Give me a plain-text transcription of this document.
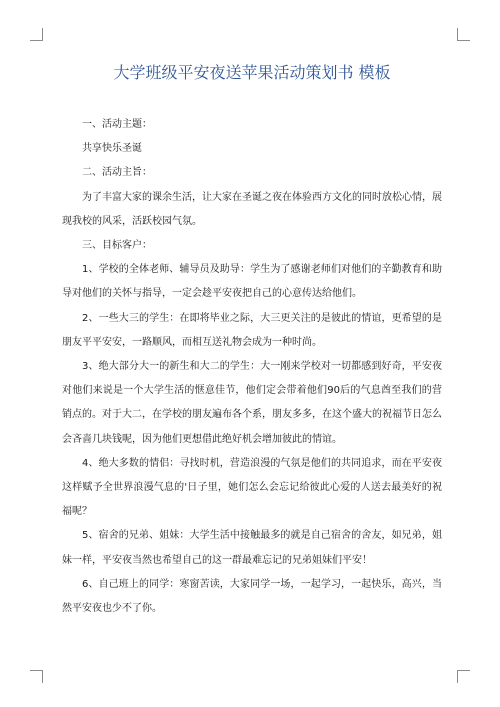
大学班级平安夜送苹果活动策划书 模板

一、活动主题：

共享快乐圣诞

二、活动主旨：

为了丰富大家的课余生活，让大家在圣诞之夜在体验西方文化的同时放松心情，展现我校的风采，活跃校园气氛。

三、目标客户：

1、学校的全体老师、辅导员及助导：学生为了感谢老师们对他们的辛勤教育和助导对他们的关怀与指导，一定会趁平安夜把自己的心意传达给他们。

2、一些大三的学生：在即将毕业之际，大三更关注的是彼此的情谊，更希望的是朋友平平安安，一路顺风，而相互送礼物会成为一种时尚。

3、绝大部分大一的新生和大二的学生：大一刚来学校对一切都感到好奇，平安夜对他们来说是一个大学生活的惬意佳节，他们定会带着他们90后的气息酋至我们的营销点的。对于大二，在学校的朋友遍布各个系，朋友多多，在这个盛大的祝福节日怎么会吝啬几块钱呢，因为他们更想借此绝好机会增加彼此的情谊。

4、绝大多数的情侣：寻找时机，营造浪漫的气氛是他们的共同追求，而在平安夜这样赋予全世界浪漫气息的'日子里，她们怎么会忘记给彼此心爱的人送去最美好的祝福呢？

5、宿舍的兄弟、姐妹：大学生活中接触最多的就是自己宿舍的舍友，如兄弟，姐妹一样，平安夜当然也希望自己的这一群最难忘记的兄弟姐妹们平安！

6、自己班上的同学：寒窗苦读，大家同学一场，一起学习，一起快乐，高兴，当然平安夜也少不了你。
